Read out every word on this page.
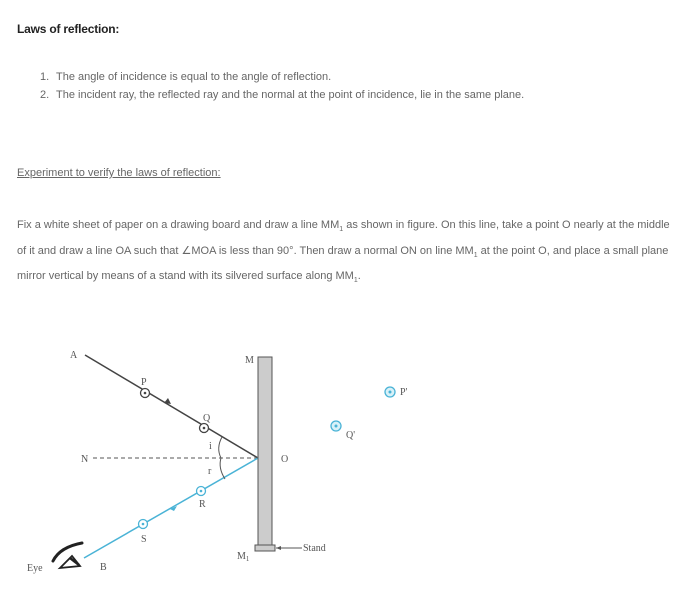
Laws of reflection:
1. The angle of incidence is equal to the angle of reflection.
2. The incident ray, the reflected ray and the normal at the point of incidence, lie in the same plane.
Experiment to verify the laws of reflection:

Fix a white sheet of paper on a drawing board and draw a line $MM_1$ as shown in figure. On this line, take a point O nearly at the middle of it and draw a line OA such that ∠MOA is less than 90°. Then draw a normal ON on line $MM_1$ at the point O, and place a small plane mirror vertical by means of a stand with its silvered surface along $MM_1$.

A
P
Q
M
O
N
i
r
R
S
B
Eye
$M_1$
Stand
P'
Q'
